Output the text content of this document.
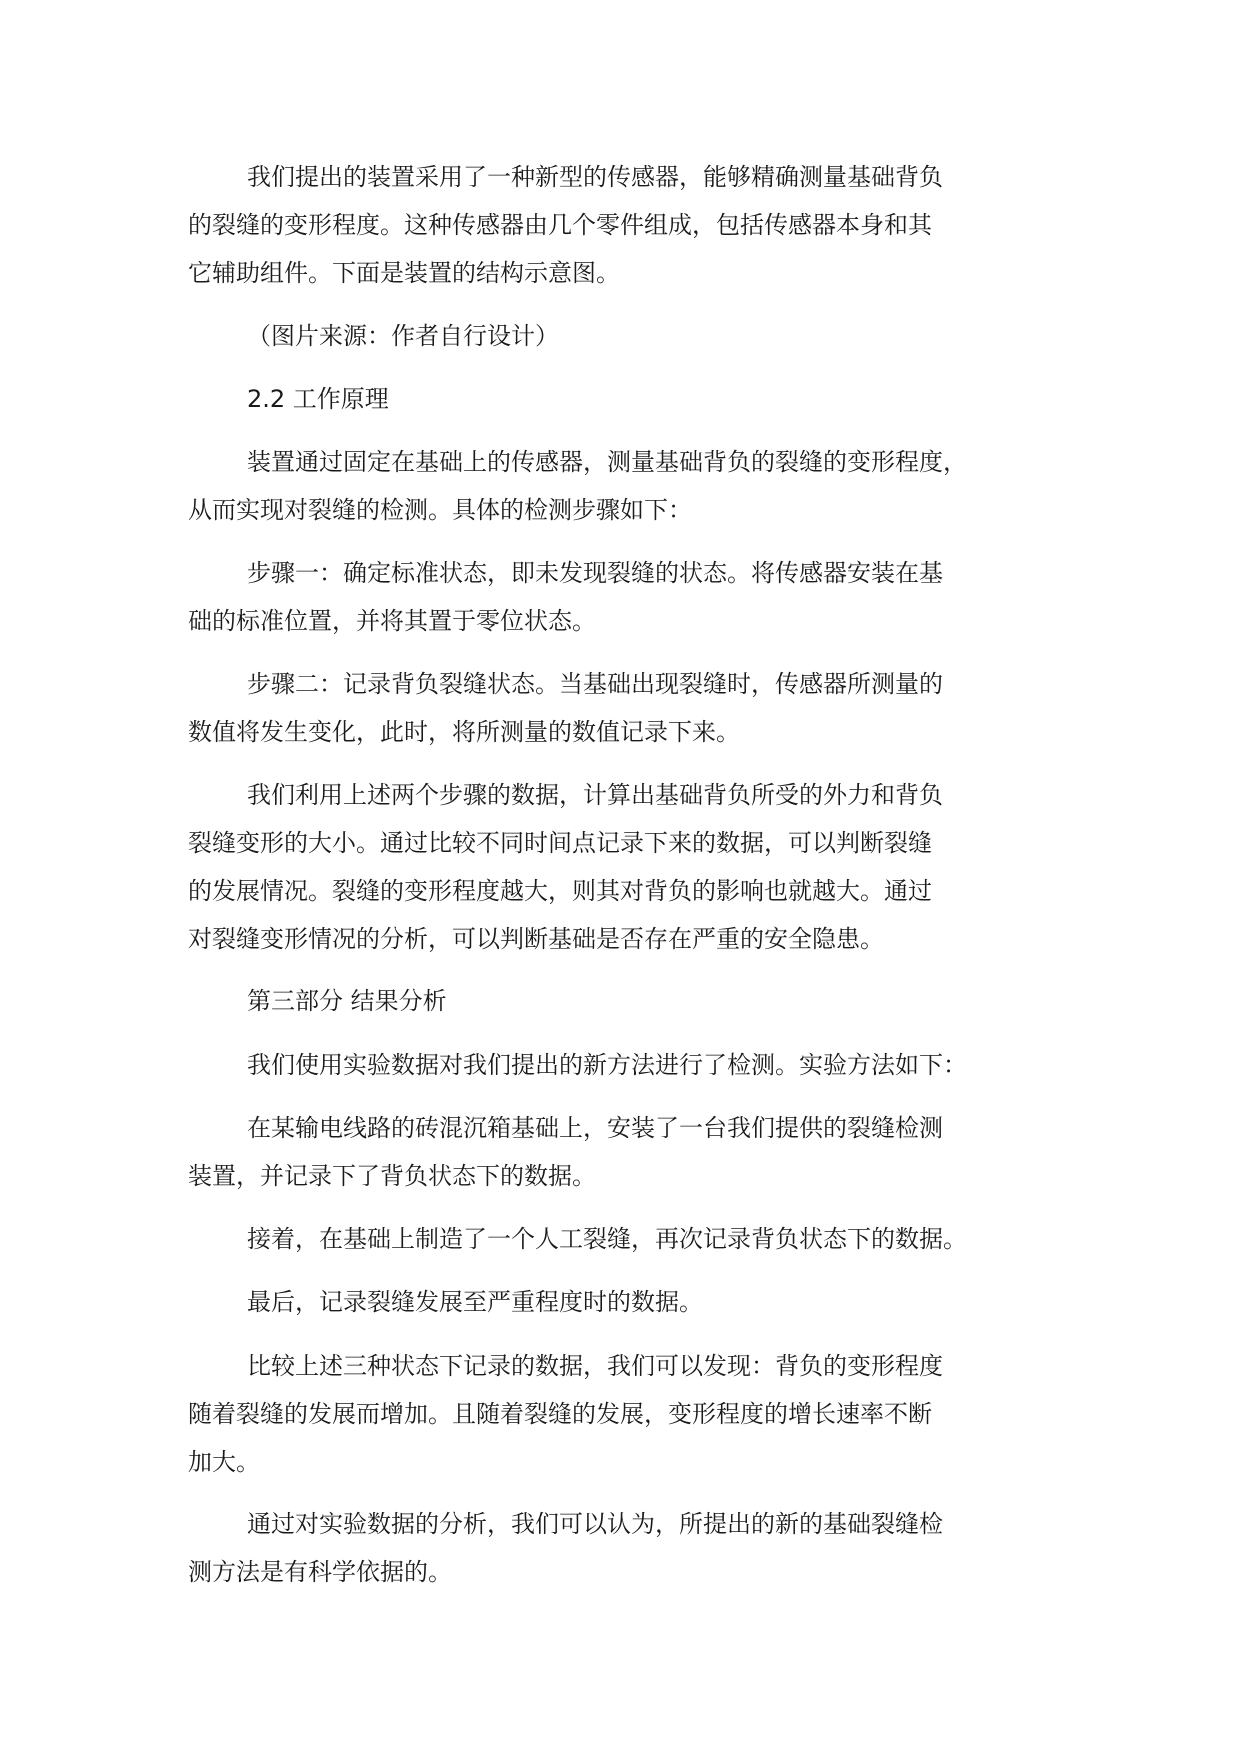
我们提出的装置采用了一种新型的传感器，能够精确测量基础背负
的裂缝的变形程度。这种传感器由几个零件组成，包括传感器本身和其
它辅助组件。下面是装置的结构示意图。
（图片来源：作者自行设计）
2.2 工作原理
装置通过固定在基础上的传感器，测量基础背负的裂缝的变形程度，
从而实现对裂缝的检测。具体的检测步骤如下：
步骤一：确定标准状态，即未发现裂缝的状态。将传感器安装在基
础的标准位置，并将其置于零位状态。
步骤二：记录背负裂缝状态。当基础出现裂缝时，传感器所测量的
数值将发生变化，此时，将所测量的数值记录下来。
我们利用上述两个步骤的数据，计算出基础背负所受的外力和背负
裂缝变形的大小。通过比较不同时间点记录下来的数据，可以判断裂缝
的发展情况。裂缝的变形程度越大，则其对背负的影响也就越大。通过
对裂缝变形情况的分析，可以判断基础是否存在严重的安全隐患。
第三部分 结果分析
我们使用实验数据对我们提出的新方法进行了检测。实验方法如下：
在某输电线路的砖混沉箱基础上，安装了一台我们提供的裂缝检测
装置，并记录下了背负状态下的数据。
接着，在基础上制造了一个人工裂缝，再次记录背负状态下的数据。
最后，记录裂缝发展至严重程度时的数据。
比较上述三种状态下记录的数据，我们可以发现：背负的变形程度
随着裂缝的发展而增加。且随着裂缝的发展，变形程度的增长速率不断
加大。
通过对实验数据的分析，我们可以认为，所提出的新的基础裂缝检
测方法是有科学依据的。
